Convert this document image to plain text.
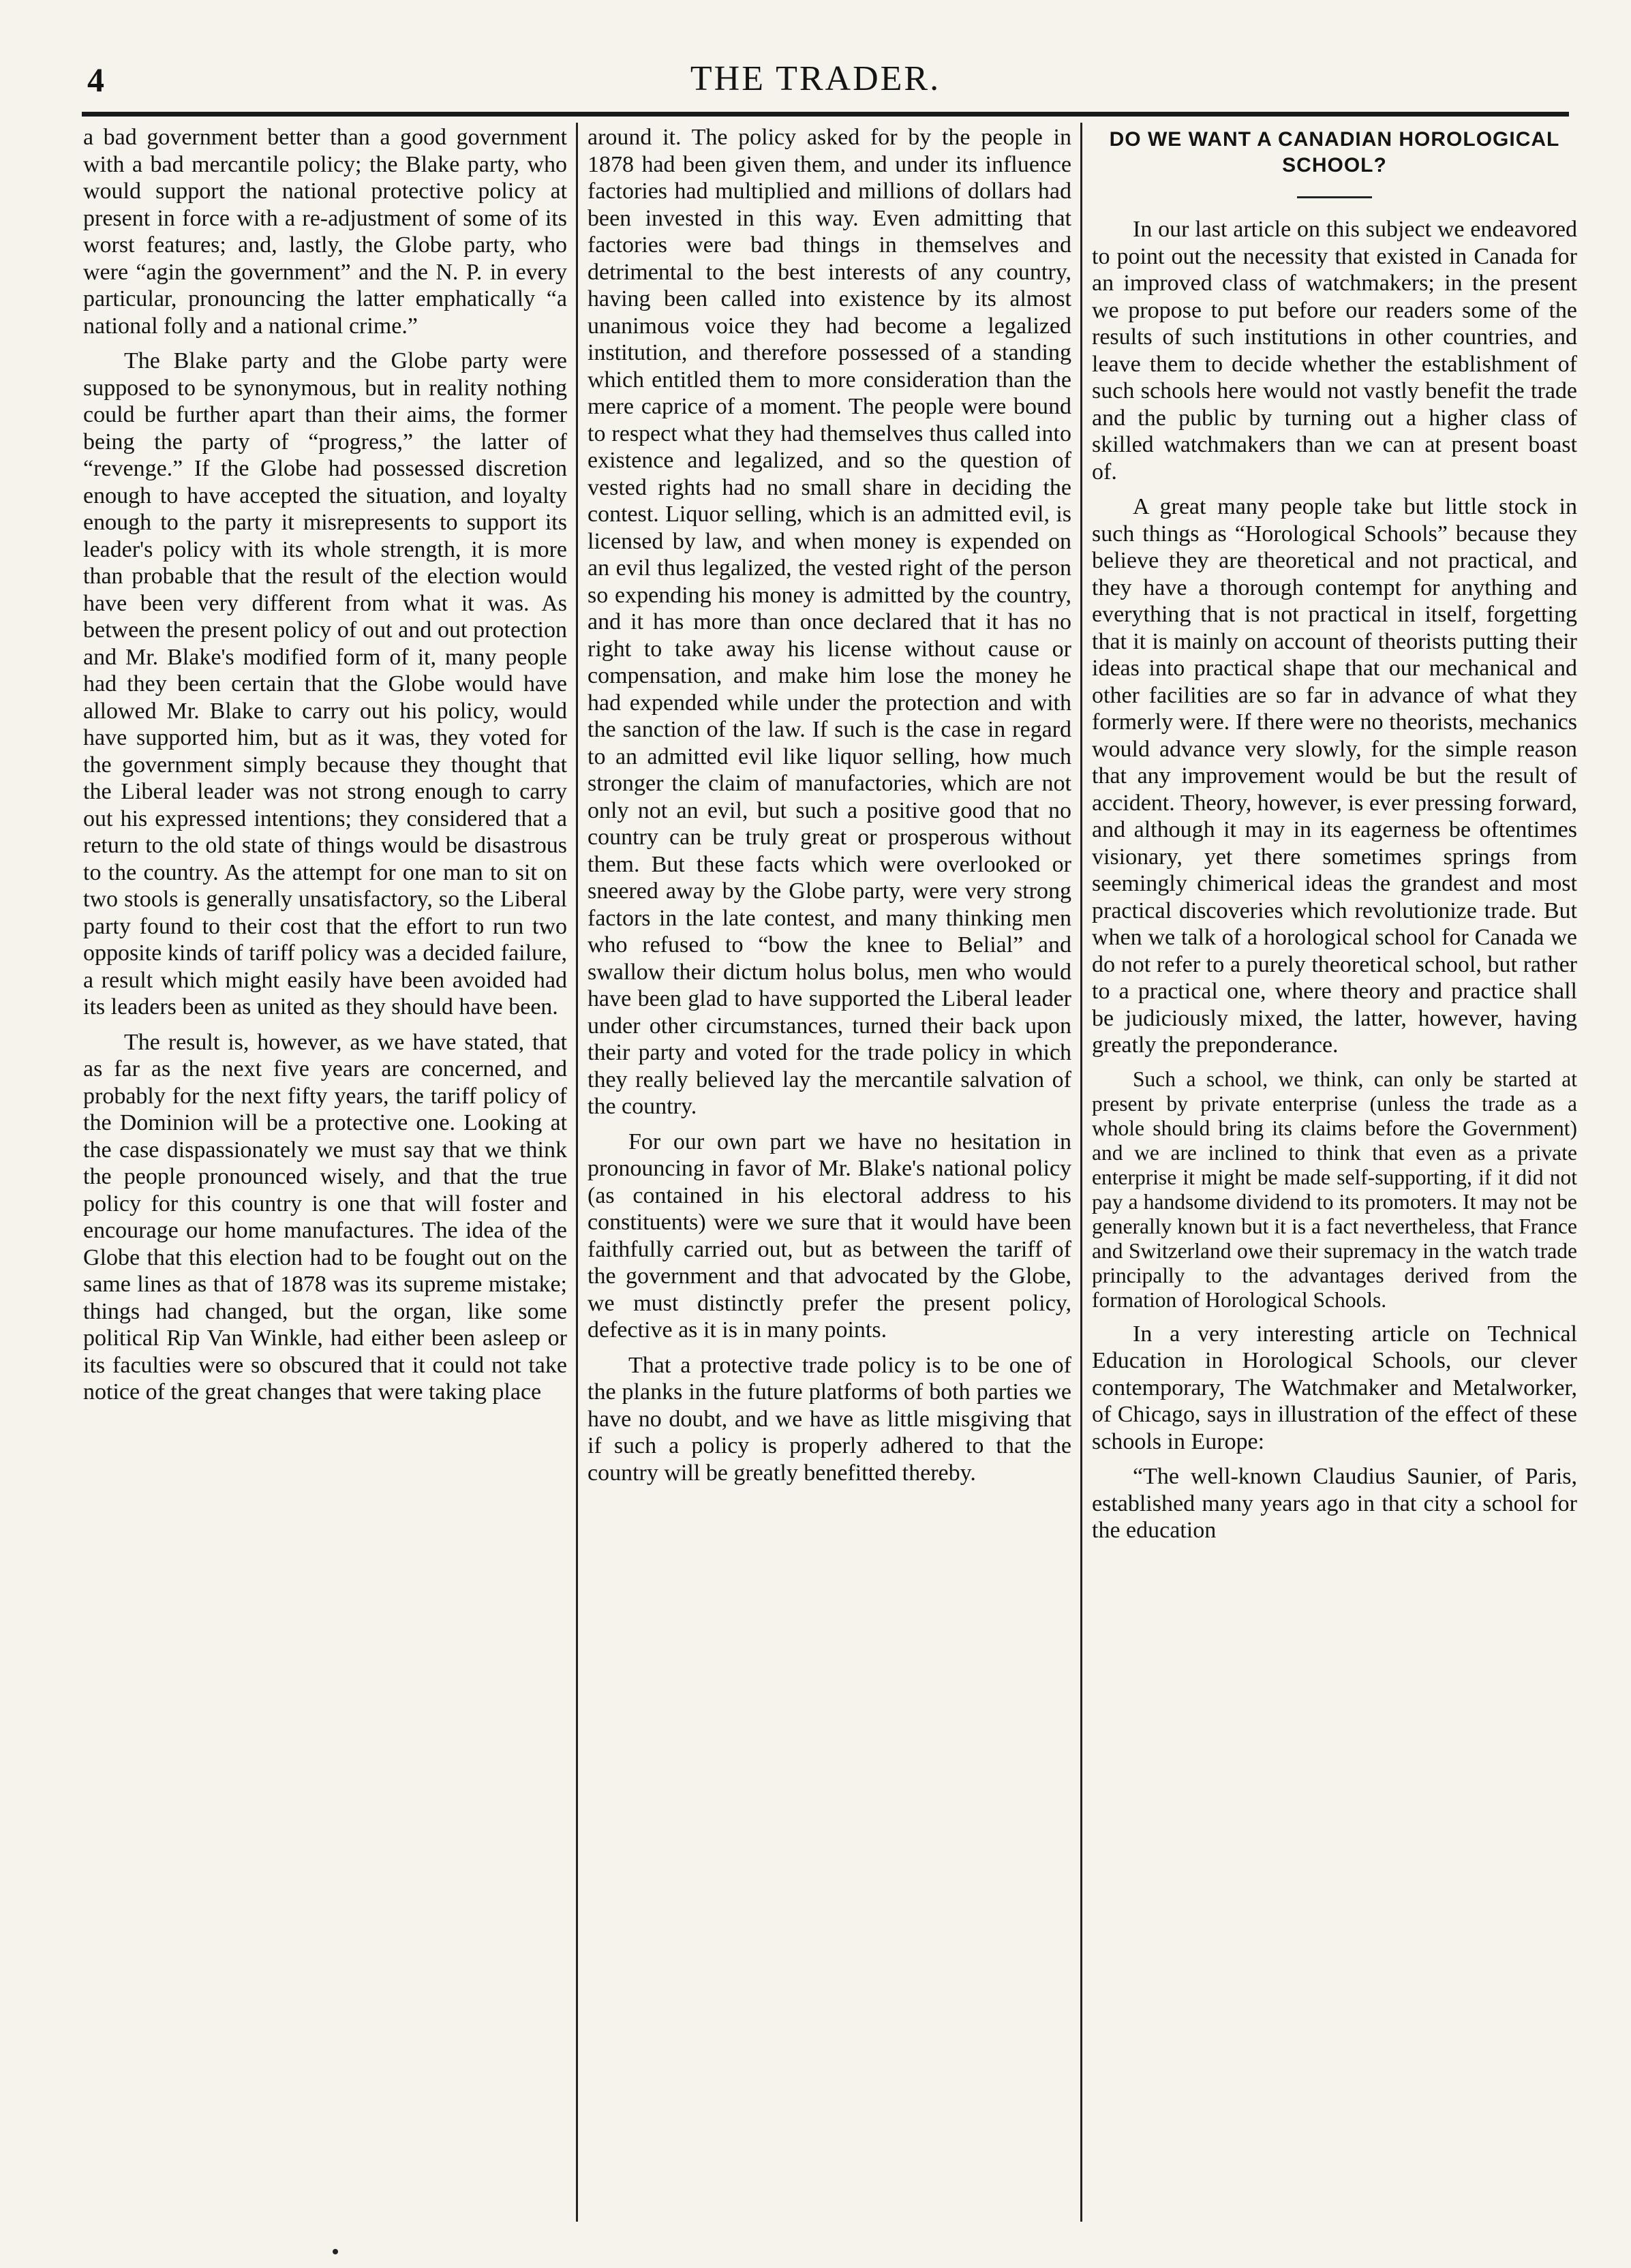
4	THE TRADER.

a bad government better than a good government with a bad mercantile policy; the Blake party, who would support the national protective policy at present in force with a re-adjustment of some of its worst features; and, lastly, the Globe party, who were “agin the government” and the N. P. in every particular, pronouncing the latter emphatically “a national folly and a national crime.”

The Blake party and the Globe party were supposed to be synonymous, but in reality nothing could be further apart than their aims, the former being the party of “progress,” the latter of “revenge.” If the Globe had possessed discretion enough to have accepted the situation, and loyalty enough to the party it misrepresents to support its leader's policy with its whole strength, it is more than probable that the result of the election would have been very different from what it was. As between the present policy of out and out protection and Mr. Blake's modified form of it, many people had they been certain that the Globe would have allowed Mr. Blake to carry out his policy, would have supported him, but as it was, they voted for the government simply because they thought that the Liberal leader was not strong enough to carry out his expressed intentions; they considered that a return to the old state of things would be disastrous to the country. As the attempt for one man to sit on two stools is generally unsatisfactory, so the Liberal party found to their cost that the effort to run two opposite kinds of tariff policy was a decided failure, a result which might easily have been avoided had its leaders been as united as they should have been.

The result is, however, as we have stated, that as far as the next five years are concerned, and probably for the next fifty years, the tariff policy of the Dominion will be a protective one. Looking at the case dispassionately we must say that we think the people pronounced wisely, and that the true policy for this country is one that will foster and encourage our home manufactures. The idea of the Globe that this election had to be fought out on the same lines as that of 1878 was its supreme mistake; things had changed, but the organ, like some political Rip Van Winkle, had either been asleep or its faculties were so obscured that it could not take notice of the great changes that were taking place

around it. The policy asked for by the people in 1878 had been given them, and under its influence factories had multiplied and millions of dollars had been invested in this way. Even admitting that factories were bad things in themselves and detrimental to the best interests of any country, having been called into existence by its almost unanimous voice they had become a legalized institution, and therefore possessed of a standing which entitled them to more consideration than the mere caprice of a moment. The people were bound to respect what they had themselves thus called into existence and legalized, and so the question of vested rights had no small share in deciding the contest. Liquor selling, which is an admitted evil, is licensed by law, and when money is expended on an evil thus legalized, the vested right of the person so expending his money is admitted by the country, and it has more than once declared that it has no right to take away his license without cause or compensation, and make him lose the money he had expended while under the protection and with the sanction of the law. If such is the case in regard to an admitted evil like liquor selling, how much stronger the claim of manufactories, which are not only not an evil, but such a positive good that no country can be truly great or prosperous without them. But these facts which were overlooked or sneered away by the Globe party, were very strong factors in the late contest, and many thinking men who refused to “bow the knee to Belial” and swallow their dictum holus bolus, men who would have been glad to have supported the Liberal leader under other circumstances, turned their back upon their party and voted for the trade policy in which they really believed lay the mercantile salvation of the country.

For our own part we have no hesitation in pronouncing in favor of Mr. Blake's national policy (as contained in his electoral address to his constituents) were we sure that it would have been faithfully carried out, but as between the tariff of the government and that advocated by the Globe, we must distinctly prefer the present policy, defective as it is in many points.

That a protective trade policy is to be one of the planks in the future platforms of both parties we have no doubt, and we have as little misgiving that if such a policy is properly adhered to that the country will be greatly benefitted thereby.

DO WE WANT A CANADIAN HOROLOGICAL SCHOOL?

In our last article on this subject we endeavored to point out the necessity that existed in Canada for an improved class of watchmakers; in the present we propose to put before our readers some of the results of such institutions in other countries, and leave them to decide whether the establishment of such schools here would not vastly benefit the trade and the public by turning out a higher class of skilled watchmakers than we can at present boast of.

A great many people take but little stock in such things as “Horological Schools” because they believe they are theoretical and not practical, and they have a thorough contempt for anything and everything that is not practical in itself, forgetting that it is mainly on account of theorists putting their ideas into practical shape that our mechanical and other facilities are so far in advance of what they formerly were. If there were no theorists, mechanics would advance very slowly, for the simple reason that any improvement would be but the result of accident. Theory, however, is ever pressing forward, and although it may in its eagerness be oftentimes visionary, yet there sometimes springs from seemingly chimerical ideas the grandest and most practical discoveries which revolutionize trade. But when we talk of a horological school for Canada we do not refer to a purely theoretical school, but rather to a practical one, where theory and practice shall be judiciously mixed, the latter, however, having greatly the preponderance.

Such a school, we think, can only be started at present by private enterprise (unless the trade as a whole should bring its claims before the Government) and we are inclined to think that even as a private enterprise it might be made self-supporting, if it did not pay a handsome dividend to its promoters. It may not be generally known but it is a fact nevertheless, that France and Switzerland owe their supremacy in the watch trade principally to the advantages derived from the formation of Horological Schools.

In a very interesting article on Technical Education in Horological Schools, our clever contemporary, The Watchmaker and Metalworker, of Chicago, says in illustration of the effect of these schools in Europe:

“The well-known Claudius Saunier, of Paris, established many years ago in that city a school for the education
